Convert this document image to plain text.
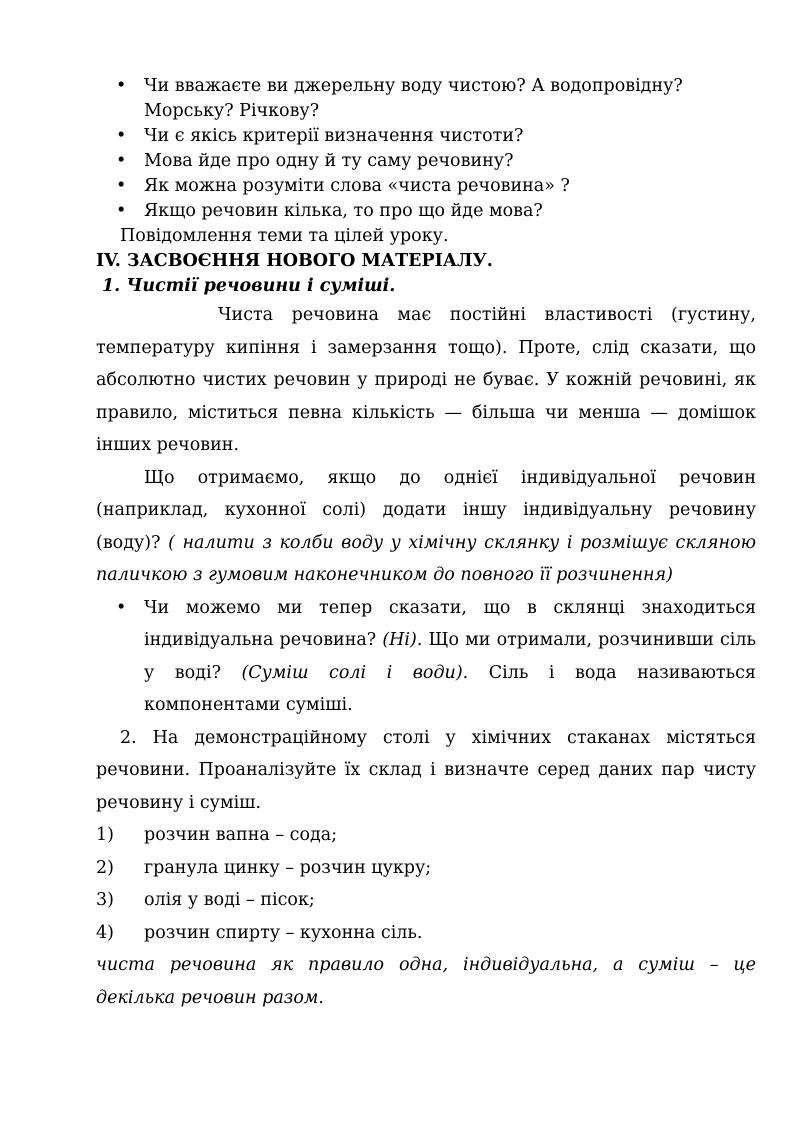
• Чи вважаєте ви джерельну воду чистою? А водопровідну? Морську? Річкову?
• Чи є якісь критерії визначення чистоти?
• Мова йде про одну й ту саму речовину?
• Як можна розуміти слова «чиста речовина» ?
• Якщо речовин кілька, то про що йде мова?

Повідомлення теми та цілей уроку.

IV. ЗАСВОЄННЯ НОВОГО МАТЕРІАЛУ.

1. Чистії речовини і суміші.

Чиста речовина має постійні властивості (густину, температуру кипіння і замерзання тощо). Проте, слід сказати, що абсолютно чистих речовин у природі не буває. У кожній речовині, як правило, міститься певна кількість — більша чи менша — домішок інших речовин.

Що отримаємо, якщо до однієї індивідуальної речовин (наприклад, кухонної солі) додати іншу індивідуальну речовину (воду)? ( налити з колби воду у хімічну склянку і розмішує скляною паличкою з гумовим наконечником до повного її розчинення)

• Чи можемо ми тепер сказати, що в склянці знаходиться індивідуальна речовина? (Ні). Що ми отримали, розчинивши сіль у воді? (Суміш солі і води). Сіль і вода називаються компонентами суміші.

2. На демонстраційному столі у хімічних стаканах містяться речовини. Проаналізуйте їх склад і визначте серед даних пар чисту речовину і суміш.

1)	розчин вапна – сода;
2)	гранула цинку – розчин цукру;
3)	олія у воді – пісок;
4)	розчин спирту – кухонна сіль.

чиста речовина як правило одна, індивідуальна, а суміш – це декілька речовин разом.
